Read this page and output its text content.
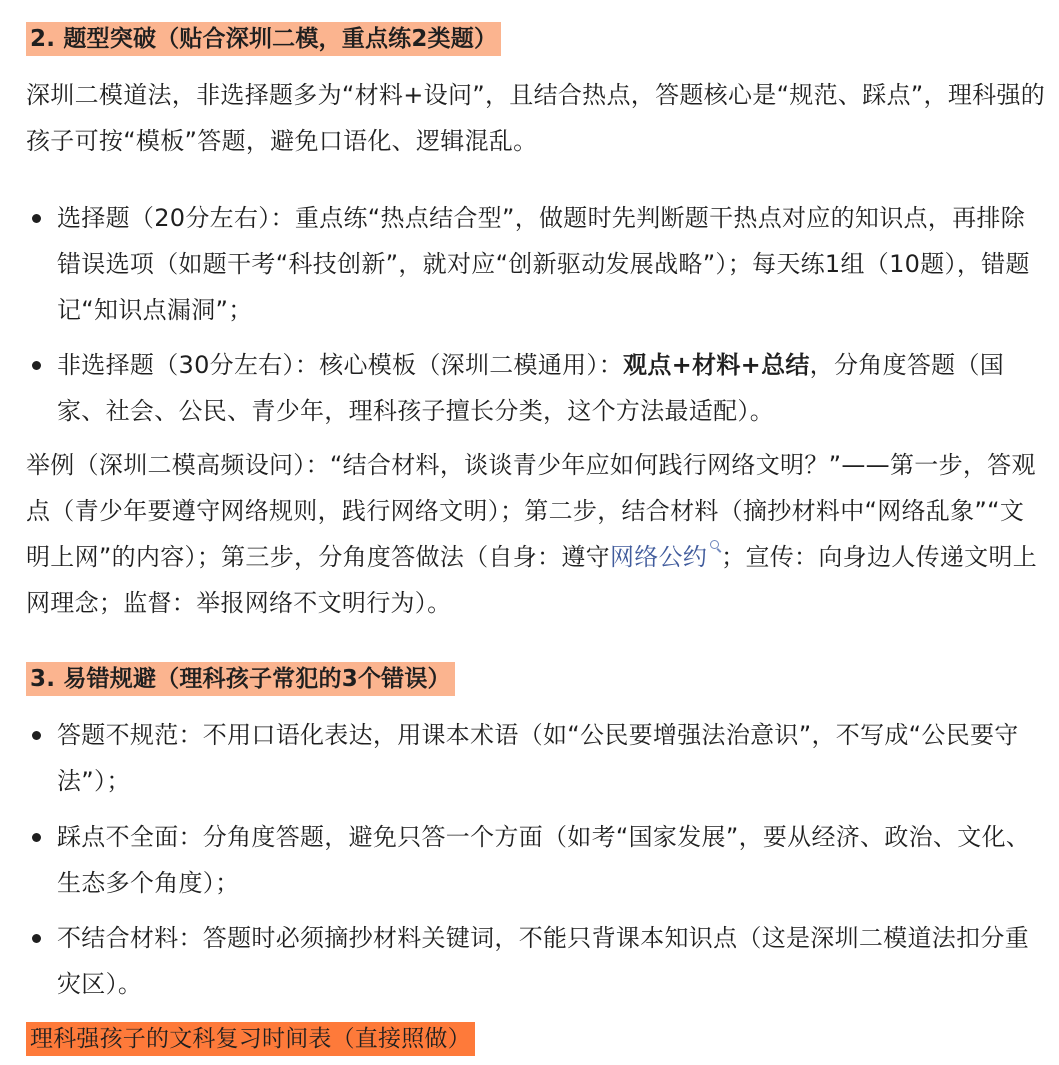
2. 题型突破（贴合深圳二模，重点练2类题）

深圳二模道法，非选择题多为“材料+设问”，且结合热点，答题核心是“规范、踩点”，理科强的孩子可按“模板”答题，避免口语化、逻辑混乱。

选择题（20分左右）：重点练“热点结合型”，做题时先判断题干热点对应的知识点，再排除错误选项（如题干考“科技创新”，就对应“创新驱动发展战略”）；每天练1组（10题），错题记“知识点漏洞”；
非选择题（30分左右）：核心模板（深圳二模通用）：观点+材料+总结，分角度答题（国家、社会、公民、青少年，理科孩子擅长分类，这个方法最适配）。

举例（深圳二模高频设问）：“结合材料，谈谈青少年应如何践行网络文明？”——第一步，答观点（青少年要遵守网络规则，践行网络文明）；第二步，结合材料（摘抄材料中“网络乱象”“文明上网”的内容）；第三步，分角度答做法（自身：遵守网络公约 ；宣传：向身边人传递文明上网理念；监督：举报网络不文明行为）。

3. 易错规避（理科孩子常犯的3个错误）
答题不规范：不用口语化表达，用课本术语（如“公民要增强法治意识”，不写成“公民要守法”）；
踩点不全面：分角度答题，避免只答一个方面（如考“国家发展”，要从经济、政治、文化、生态多个角度）；
不结合材料：答题时必须摘抄材料关键词，不能只背课本知识点（这是深圳二模道法扣分重灾区）。
理科强孩子的文科复习时间表（直接照做）
